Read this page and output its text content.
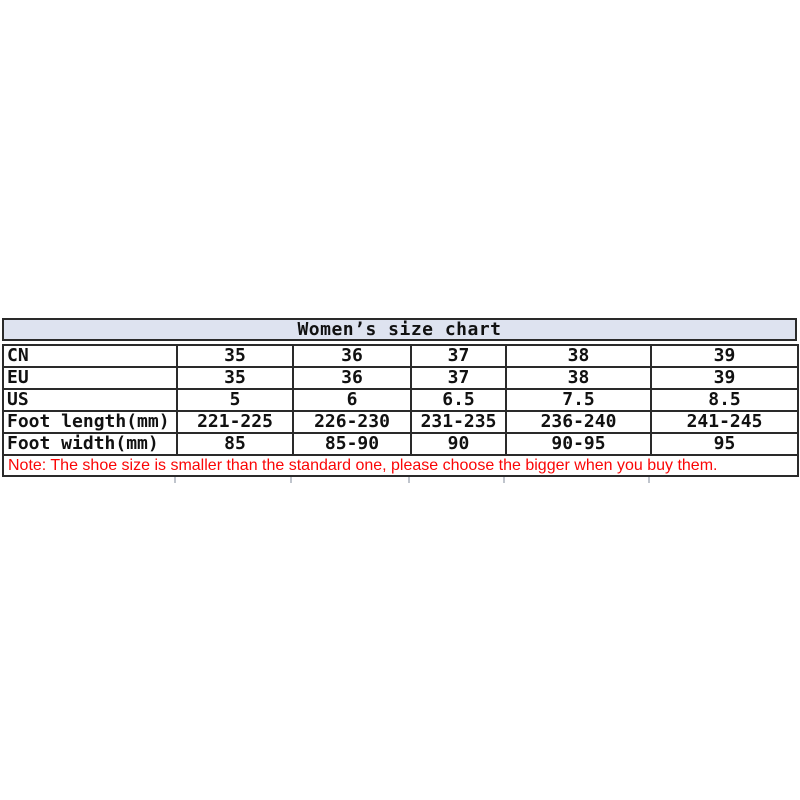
Women’s size chart
CN	35	36	37	38	39
EU	35	36	37	38	39
US	5	6	6.5	7.5	8.5
Foot length(mm)	221-225	226-230	231-235	236-240	241-245
Foot width(mm)	85	85-90	90	90-95	95
Note: The shoe size is smaller than the standard one, please choose the bigger when you buy them.					
